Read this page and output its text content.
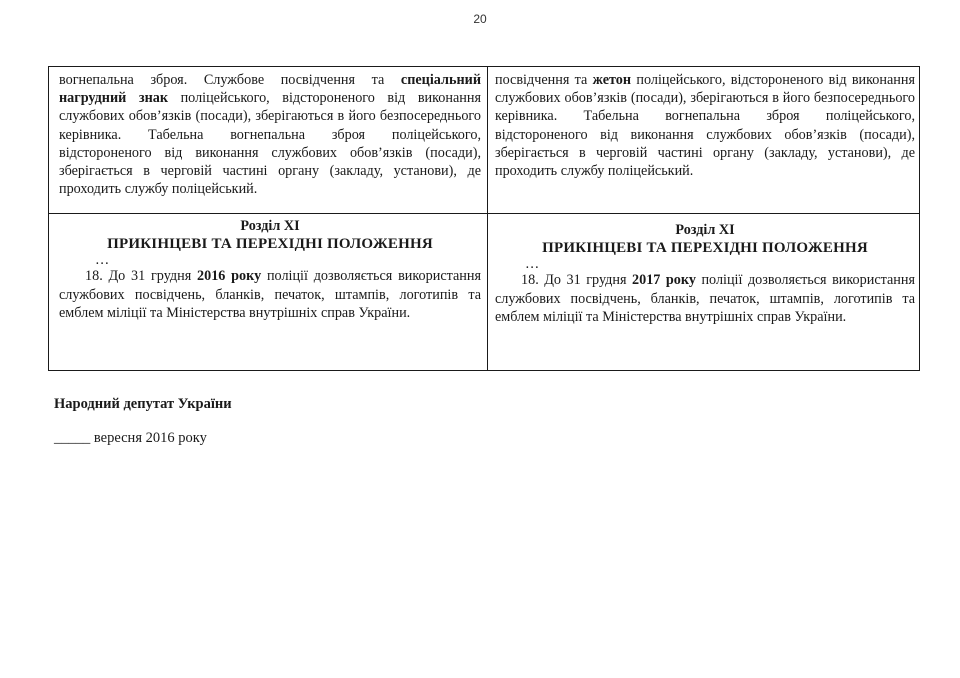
20

вогнепальна зброя. Службове посвідчення та спеціальний нагрудний знак поліцейського, відстороненого від виконання службових обов’язків (посади), зберігаються в його безпосереднього керівника. Табельна вогнепальна зброя поліцейського, відстороненого від виконання службових обов’язків (посади), зберігається в черговій частині органу (закладу, установи), де проходить службу поліцейський.

посвідчення та жетон поліцейського, відстороненого від виконання службових обов’язків (посади), зберігаються в його безпосереднього керівника. Табельна вогнепальна зброя поліцейського, відстороненого від виконання службових обов’язків (посади), зберігається в черговій частині органу (закладу, установи), де проходить службу поліцейський.

Розділ XI

ПРИКІНЦЕВІ ТА ПЕРЕХІДНІ ПОЛОЖЕННЯ

…

18. До 31 грудня 2016 року поліції дозволяється використання службових посвідчень, бланків, печаток, штампів, логотипів та емблем міліції та Міністерства внутрішніх справ України.

Розділ XI

ПРИКІНЦЕВІ ТА ПЕРЕХІДНІ ПОЛОЖЕННЯ

…

18. До 31 грудня 2017 року поліції дозволяється використання службових посвідчень, бланків, печаток, штампів, логотипів та емблем міліції та Міністерства внутрішніх справ України.

Народний депутат України
_____ вересня 2016 року
